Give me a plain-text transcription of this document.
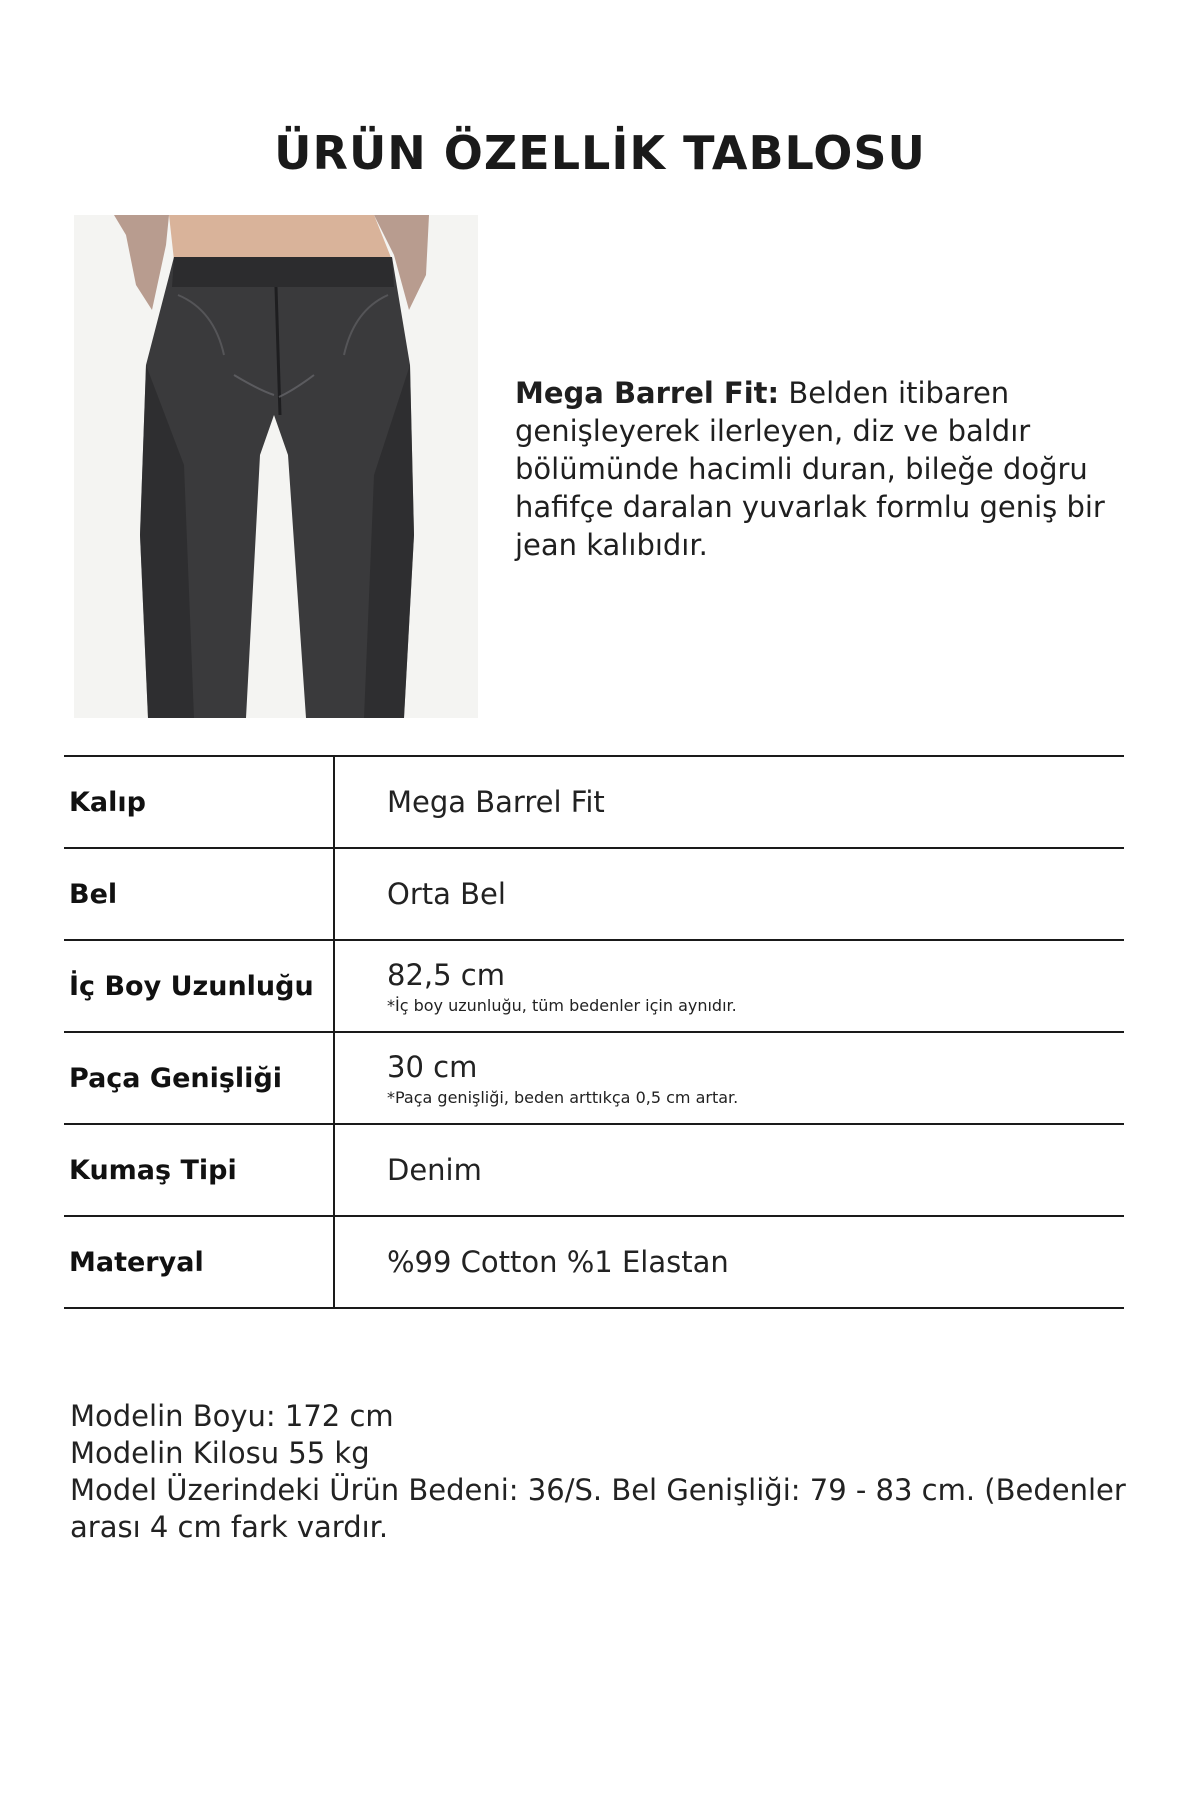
ÜRÜN ÖZELLİK TABLOSU
Mega Barrel Fit: Belden itibaren genişleyerek ilerleyen, diz ve baldır bölümünde hacimli duran, bileğe doğru hafifçe daralan yuvarlak formlu geniş bir jean kalıbıdır.
Kalıp	Mega Barrel Fit
Bel	Orta Bel
İç Boy Uzunluğu	82,5 cm
*İç boy uzunluğu, tüm bedenler için aynıdır.

Paça Genişliği	30 cm
*Paça genişliği, beden arttıkça 0,5 cm artar.

Kumaş Tipi	Denim
Materyal	%99 Cotton %1 Elastan
Modelin Boyu: 172 cm
Modelin Kilosu 55 kg
Model Üzerindeki Ürün Bedeni: 36/S. Bel Genişliği: 79 - 83 cm. (Bedenler arası 4 cm fark vardır.
